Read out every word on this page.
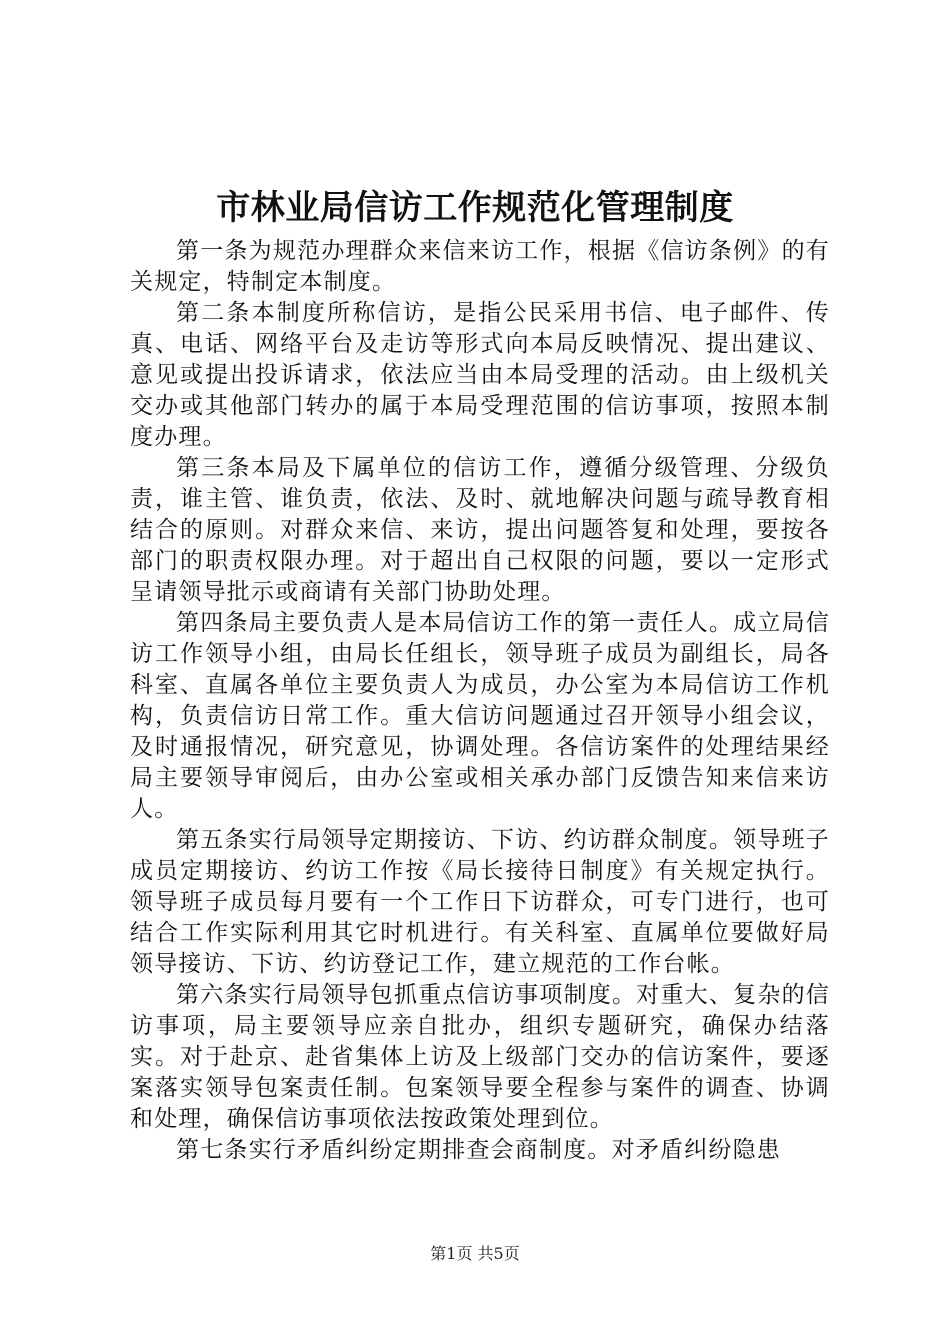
市林业局信访工作规范化管理制度

第一条为规范办理群众来信来访工作，根据《信访条例》的有关规定，特制定本制度。

第二条本制度所称信访，是指公民采用书信、电子邮件、传真、电话、网络平台及走访等形式向本局反映情况、提出建议、意见或提出投诉请求，依法应当由本局受理的活动。由上级机关交办或其他部门转办的属于本局受理范围的信访事项，按照本制度办理。

第三条本局及下属单位的信访工作，遵循分级管理、分级负责，谁主管、谁负责，依法、及时、就地解决问题与疏导教育相结合的原则。对群众来信、来访，提出问题答复和处理，要按各部门的职责权限办理。对于超出自己权限的问题，要以一定形式呈请领导批示或商请有关部门协助处理。

第四条局主要负责人是本局信访工作的第一责任人。成立局信访工作领导小组，由局长任组长，领导班子成员为副组长，局各科室、直属各单位主要负责人为成员，办公室为本局信访工作机构，负责信访日常工作。重大信访问题通过召开领导小组会议，及时通报情况，研究意见，协调处理。各信访案件的处理结果经局主要领导审阅后，由办公室或相关承办部门反馈告知来信来访人。

第五条实行局领导定期接访、下访、约访群众制度。领导班子成员定期接访、约访工作按《局长接待日制度》有关规定执行。领导班子成员每月要有一个工作日下访群众，可专门进行，也可结合工作实际利用其它时机进行。有关科室、直属单位要做好局领导接访、下访、约访登记工作，建立规范的工作台帐。

第六条实行局领导包抓重点信访事项制度。对重大、复杂的信访事项，局主要领导应亲自批办，组织专题研究，确保办结落实。对于赴京、赴省集体上访及上级部门交办的信访案件，要逐案落实领导包案责任制。包案领导要全程参与案件的调查、协调和处理，确保信访事项依法按政策处理到位。

第七条实行矛盾纠纷定期排查会商制度。对矛盾纠纷隐患

第1页 共5页
